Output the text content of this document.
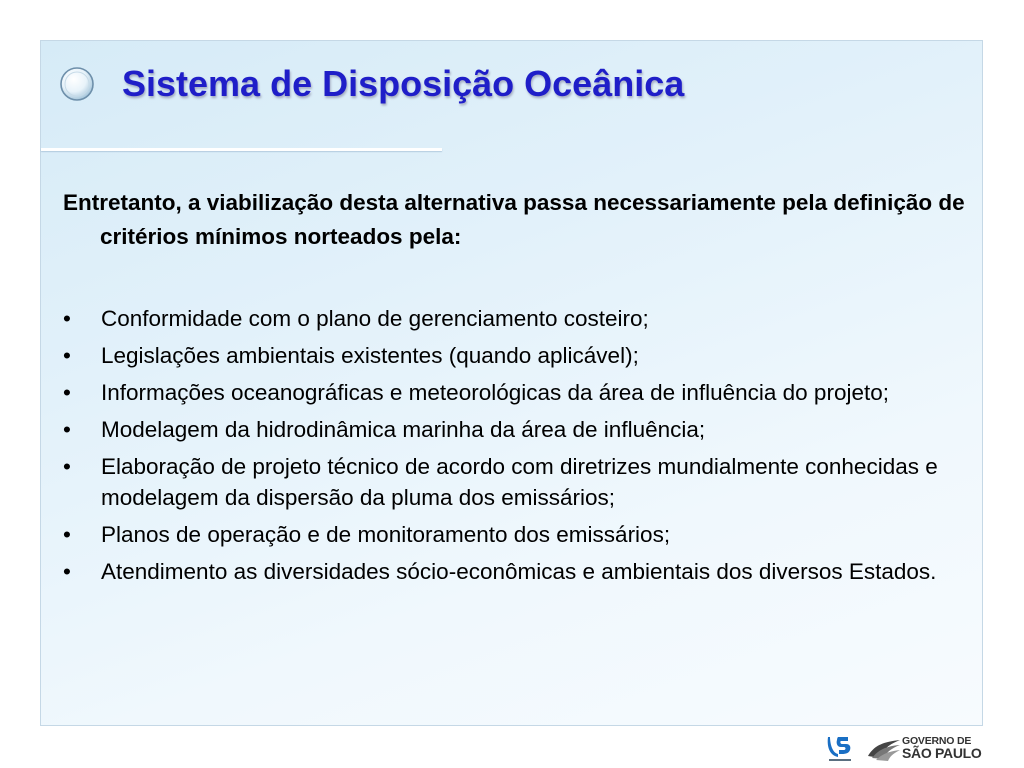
Sistema de Disposição Oceânica
Entretanto, a viabilização desta alternativa passa necessariamente pela definição de critérios mínimos norteados pela:
•	Conformidade com o plano de gerenciamento costeiro;
•	Legislações ambientais existentes (quando aplicável);
•	Informações oceanográficas e meteorológicas da área de influência do projeto;
•	Modelagem da hidrodinâmica marinha da área de influência;
•	Elaboração de projeto técnico de acordo com diretrizes mundialmente conhecidas e modelagem da dispersão da pluma dos emissários;
•	Planos de operação e de monitoramento dos emissários;
•	Atendimento as diversidades sócio-econômicas e ambientais dos diversos Estados.
GOVERNO DE
SÃO PAULO
